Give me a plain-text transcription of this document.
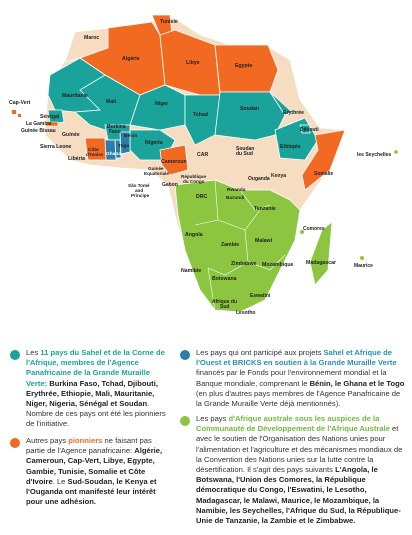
Tunisie
Maroc
Algérie
Libye	Egypte
Cap-Vert
Mauritanie
Mali	Niger
Tchad
Soudan
Erythrée
Sénégal
La Gambie
Guinée Bissau
Guinée
Burkina
Faso	Djibouti
Sierra Leone
Libéria
Côte
d'Ivoire Ghana
Togo
Bénin
Nigeria
Cameroun
Ethiopie
Somalie
les Seychelles
CAR
Soudan
du Sud
Ouganda Kenya
Guinée
Equatoriale
République
du Congo
São Tomé
and
Principe
Gabon
Rwanda
Burundi
DRC
Tanzanie
Comores
Angola
Zambie
Malawi
Madagascar	Maurice
Zimbabwe Mozambique
Namibie
Botswana
Eswatini
Afrique du
Sud
Lesotho
Les 11 pays du Sahel et de la Corne de l'Afrique, membres de l'Agence Panafricaine de la Grande Muraille Verte: Burkina Faso, Tchad, Djibouti, Erythrée, Ethiopie, Mali, Mauritanie, Niger, Nigeria, Sénégal et Soudan. Nombre de ces pays ont été les pionniers de l'initiative.
Autres pays pionniers ne faisant pas partie de l'Agence panafricaine: Algérie, Cameroun, Cap-Vert, Libye, Egypte, Gambie, Tunisie, Somalie et Côte d'Ivoire. Le Sud-Soudan, le Kenya et l'Ouganda ont manifesté leur intérêt pour une adhésion.
Les pays qui ont participé aux projets Sahel et Afrique de l'Ouest et BRICKS en soutien à la Grande Muraille Verte financés par le Fonds pour l'environnement mondial et la Banque mondiale, comprenant le Bénin, le Ghana et le Togo (en plus d'autres pays membres de l'Agence Panafricaine de la Grande Muraille Verte déjà mentionnés).
Les pays d'Afrique australe sous les auspices de la Communauté de Développement de l'Afrique Australe et avec le soutien de l'Organisation des Nations unies pour l'alimentation et l'agriculture et des mécanismes mondiaux de la Convention des Nations unies sur la lutte contre la désertification. Il s'agit des pays suivants L'Angola, le Botswana, l'Union des Comores, la République démocratique du Congo, l'Eswatini, le Lesotho, Madagascar, le Malawi, Maurice, le Mozambique, la Namibie, les Seychelles, l'Afrique du Sud, la République-Unie de Tanzanie, la Zambie et le Zimbabwe.
